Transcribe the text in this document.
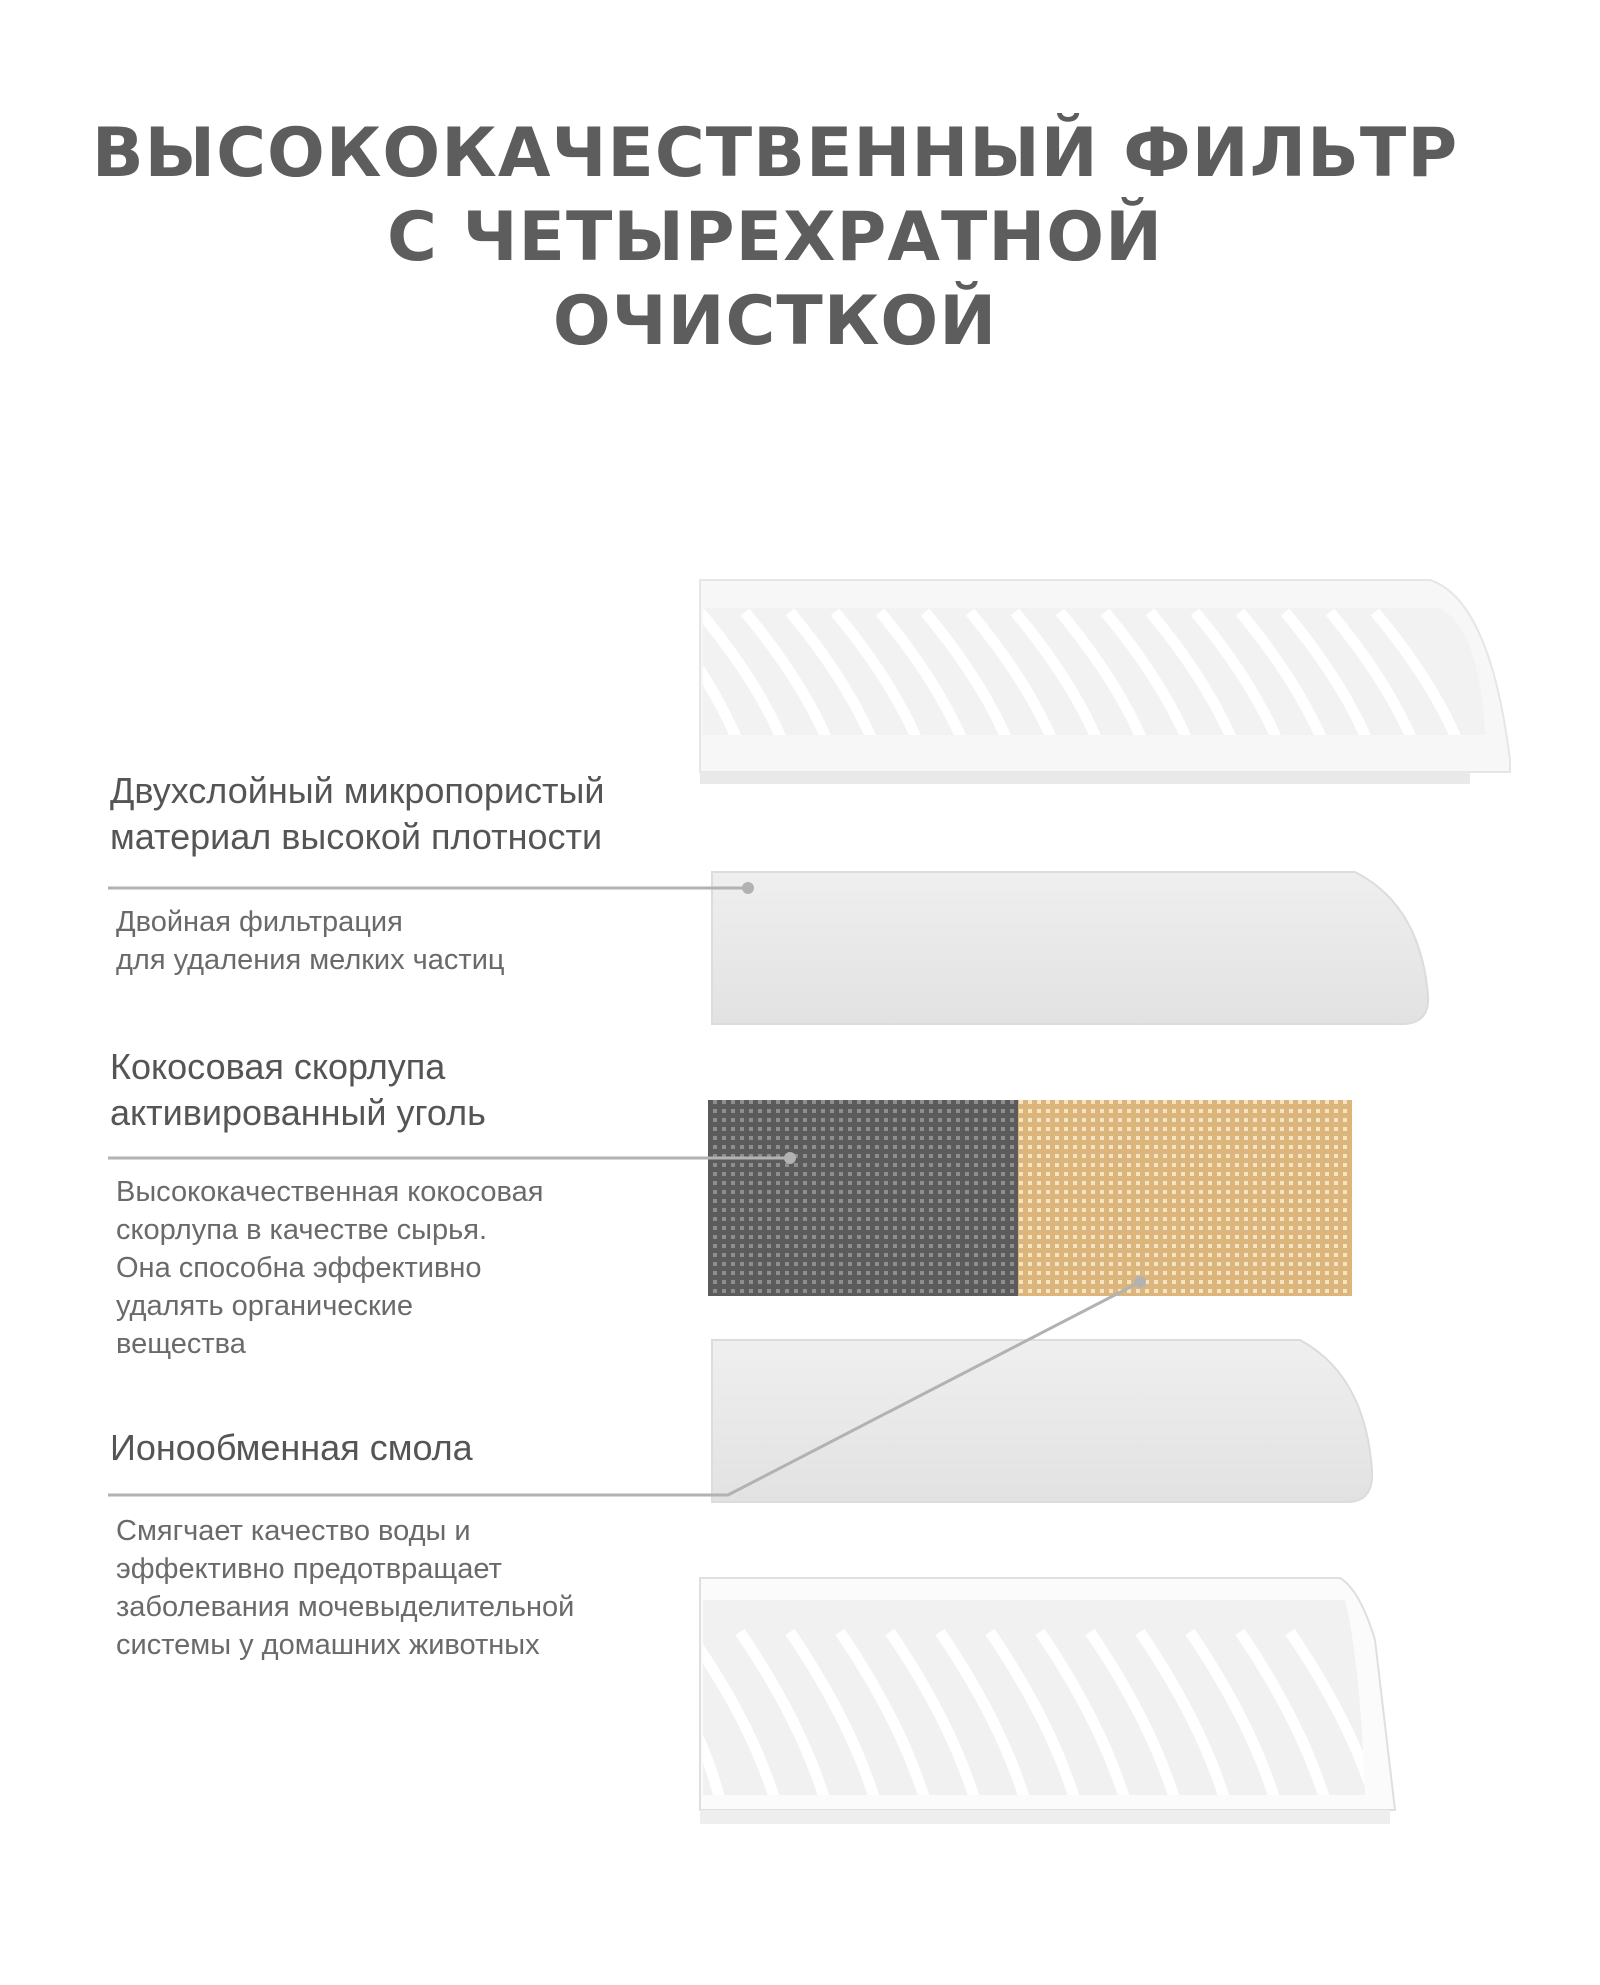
ВЫСОКОКАЧЕСТВЕННЫЙ ФИЛЬТР
С ЧЕТЫРЕХРАТНОЙ
ОЧИСТКОЙ
Двухслойный микропористый
материал высокой плотности
Двойная фильтрация
для удаления мелких частиц
Кокосовая скорлупа
активированный уголь
Высококачественная кокосовая
скорлупа в качестве сырья.
Она способна эффективно
удалять органические
вещества
Ионообменная смола
Смягчает качество воды и
эффективно предотвращает
заболевания мочевыделительной
системы у домашних животных
